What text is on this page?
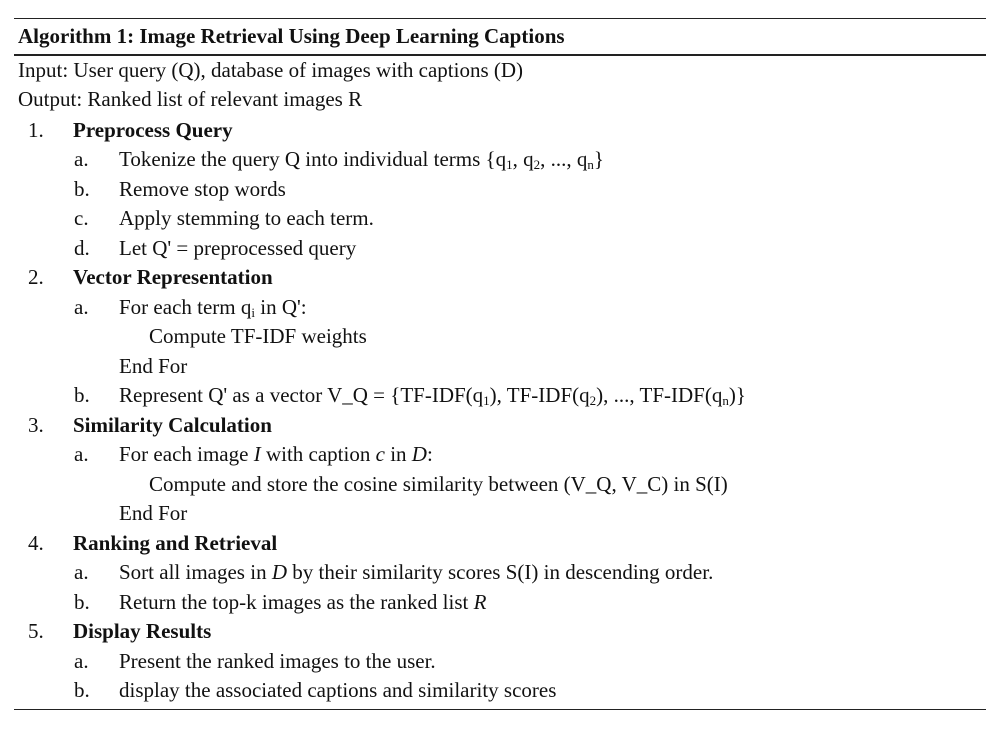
Algorithm 1: Image Retrieval Using Deep Learning Captions
Input: User query (Q), database of images with captions (D)
Output: Ranked list of relevant images R
1.	Preprocess Query
a.	Tokenize the query Q into individual terms {$q_1$, $q_2$, ..., $q_n$}
b.	Remove stop words
c.	Apply stemming to each term.
d.	Let Q' = preprocessed query
2.	Vector Representation
a.	For each term $q_i$ in Q':
Compute TF-IDF weights
End For
b.	Represent Q' as a vector V_Q = {$TF-IDF(q_1)$, $TF-IDF(q_2)$, ..., $TF-IDF(q_n)$}
3.	Similarity Calculation
a.	For each image I with caption c in D:
Compute and store the cosine similarity between (V_Q, V_C) in S(I)
End For
4.	Ranking and Retrieval
a.	Sort all images in D by their similarity scores S(I) in descending order.
b.	Return the top-k images as the ranked list R
5.	Display Results
a.	Present the ranked images to the user.
b.	display the associated captions and similarity scores
